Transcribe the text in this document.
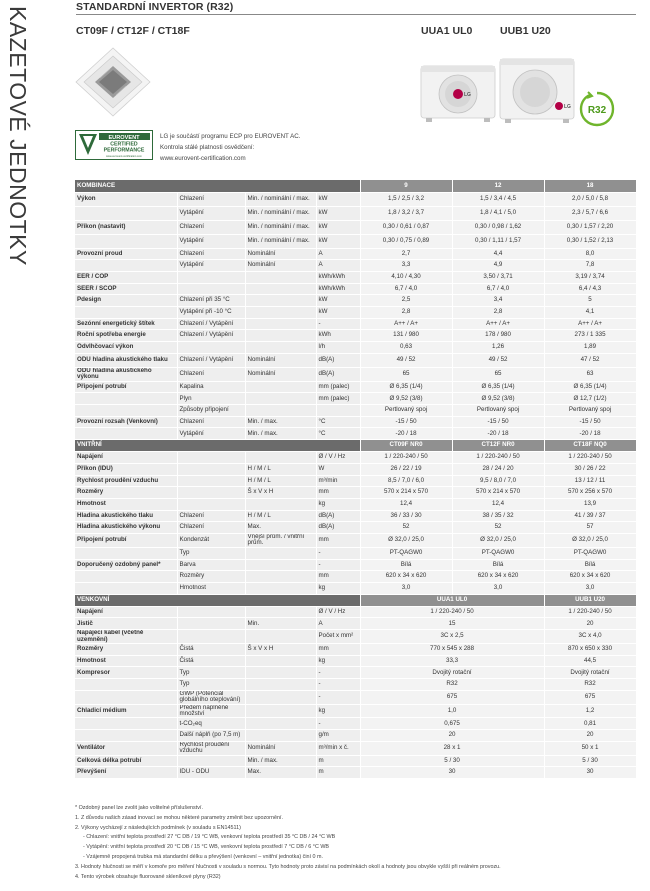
KAZETOVÉ JEDNOTKY	STANDARDNÍ INVERTOR (R32)
CT09F / CT12F / CT18F	UUA1 UL0	UUB1 U20
LG
LG R32
EUROVENT
CERTIFIED
PERFORMANCE
www.eurovent-certification.com
LG je součástí programu ECP pro EUROVENT AC.
Kontrola stálé platnosti osvědčení:
www.eurovent-certification.com
KOMBINACE				9	12	18
Výkon	Chlazení	Min. / nominální / max.	kW	1,5 / 2,5 / 3,2	1,5 / 3,4 / 4,5	2,0 / 5,0 / 5,8
	Vytápění	Min. / nominální / max.	kW	1,8 / 3,2 / 3,7	1,8 / 4,1 / 5,0	2,3 / 5,7 / 6,6
Příkon (nastavit)	Chlazení	Min. / nominální / max.	kW	0,30 / 0,61 / 0,87	0,30 / 0,98 / 1,62	0,30 / 1,57 / 2,20
	Vytápění	Min. / nominální / max.	kW	0,30 / 0,75 / 0,89	0,30 / 1,11 / 1,57	0,30 / 1,52 / 2,13
Provozní proud	Chlazení	Nominální	A	2,7	4,4	8,0
	Vytápění	Nominální	A	3,3	4,9	7,8
EER / COP			kWh/kWh	4,10 / 4,30	3,50 / 3,71	3,19 / 3,74
SEER / SCOP			kWh/kWh	6,7 / 4,0	6,7 / 4,0	6,4 / 4,3
Pdesign	Chlazení při 35 °C		kW	2,5	3,4	5
	Vytápění při -10 °C		kW	2,8	2,8	4,1
Sezónní energetický štítek	Chlazení / Vytápění		-	A++ / A+	A++ / A+	A++ / A+
Roční spotřeba energie	Chlazení / Vytápění		kWh	131 / 980	178 / 980	273 / 1 335
Odvlhčovací výkon			l/h	0,63	1,26	1,89
ODU hladina akustického tlaku	Chlazení / Vytápění	Nominální	dB(A)	49 / 52	49 / 52	47 / 52
ODU hladina akustického výkonu	Chlazení	Nominální	dB(A)	65	65	63
Připojení potrubí	Kapalina		mm (palec)	Ø 6,35 (1/4)	Ø 6,35 (1/4)	Ø 6,35 (1/4)
	Plyn		mm (palec)	Ø 9,52 (3/8)	Ø 9,52 (3/8)	Ø 12,7 (1/2)
	Způsoby připojení			Pertlovaný spoj	Pertlovaný spoj	Pertlovaný spoj
Provozní rozsah (Venkovní)	Chlazení	Min. / max.	°C	-15 / 50	-15 / 50	-15 / 50
	Vytápění	Min. / max.	°C	-20 / 18	-20 / 18	-20 / 18
VNITŘNÍ				CT09F NR0	CT12F NR0	CT18F NQ0
Napájení			Ø / V / Hz	1 / 220-240 / 50	1 / 220-240 / 50	1 / 220-240 / 50
Příkon (IDU)		H / M / L	W	26 / 22 / 19	28 / 24 / 20	30 / 26 / 22
Rychlost proudění vzduchu		H / M / L	m³/min	8,5 / 7,0 / 6,0	9,5 / 8,0 / 7,0	13 / 12 / 11
Rozměry		Š x V x H	mm	570 x 214 x 570	570 x 214 x 570	570 x 256 x 570
Hmotnost			kg	12,4	12,4	13,9
Hladina akustického tlaku	Chlazení	H / M / L	dB(A)	36 / 33 / 30	38 / 35 / 32	41 / 39 / 37
Hladina akustického výkonu	Chlazení	Max.	dB(A)	52	52	57
Připojení potrubí	Kondenzát	Vnější prům. / vnitřní prům.	mm	Ø 32,0 / 25,0	Ø 32,0 / 25,0	Ø 32,0 / 25,0
	Typ		-	PT-QAGW0	PT-QAGW0	PT-QAGW0
Doporučený ozdobný panel*	Barva		-	Bílá	Bílá	Bílá
	Rozměry		mm	620 x 34 x 620	620 x 34 x 620	620 x 34 x 620
	Hmotnost		kg	3,0	3,0	3,0
VENKOVNÍ				UUA1 UL0		UUB1 U20
Napájení			Ø / V / Hz	1 / 220-240 / 50		1 / 220-240 / 50
Jistič		Min.	A	15		20
Napájecí kabel (včetně uzemnění)			Počet x mm²	3C x 2,5		3C x 4,0
Rozměry	Čistá	Š x V x H	mm	770 x 545 x 288		870 x 650 x 330
Hmotnost	Čistá		kg	33,3		44,5
Kompresor	Typ		-	Dvojitý rotační		Dvojitý rotační
	Typ		-	R32		R32
	GWP (Potenciál globálního oteplování)		-	675		675
Chladicí médium	Předem naplněné množství		kg	1,0		1,2
	t-CO₂eq		-	0,675		0,81
	Další náplň (po 7,5 m)		g/m	20		20
Ventilátor	Rychlost proudění vzduchu	Nominální	m³/min x č.	28 x 1		50 x 1
Celková délka potrubí		Min. / max.	m	5 / 30		5 / 30
Převýšení	IDU - ODU	Max.	m	30		30
* Ozdobný panel lze zvolit jako volitelné příslušenství.
1. Z důvodu našich zásad inovací se mohou některé parametry změnit bez upozornění.
2. Výkony vycházejí z následujících podmínek (v souladu s EN14511)
- Chlazení: vnitřní teplota prostředí 27 °C DB / 19 °C WB, venkovní teplota prostředí 35 °C DB / 24 °C WB
- Vytápění: vnitřní teplota prostředí 20 °C DB / 15 °C WB, venkovní teplota prostředí 7 °C DB / 6 °C WB
- Vzájemně propojená trubka má standardní délku a převýšení (venkovní – vnitřní jednotka) činí 0 m.
3. Hodnoty hlučnosti se měří v komoře pro měření hlučnosti v souladu s normou. Tyto hodnoty proto závisí na podmínkách okolí a hodnoty jsou obvykle vyšší při reálném provozu.
4. Tento výrobek obsahuje fluorované skleníkové plyny (R32)
